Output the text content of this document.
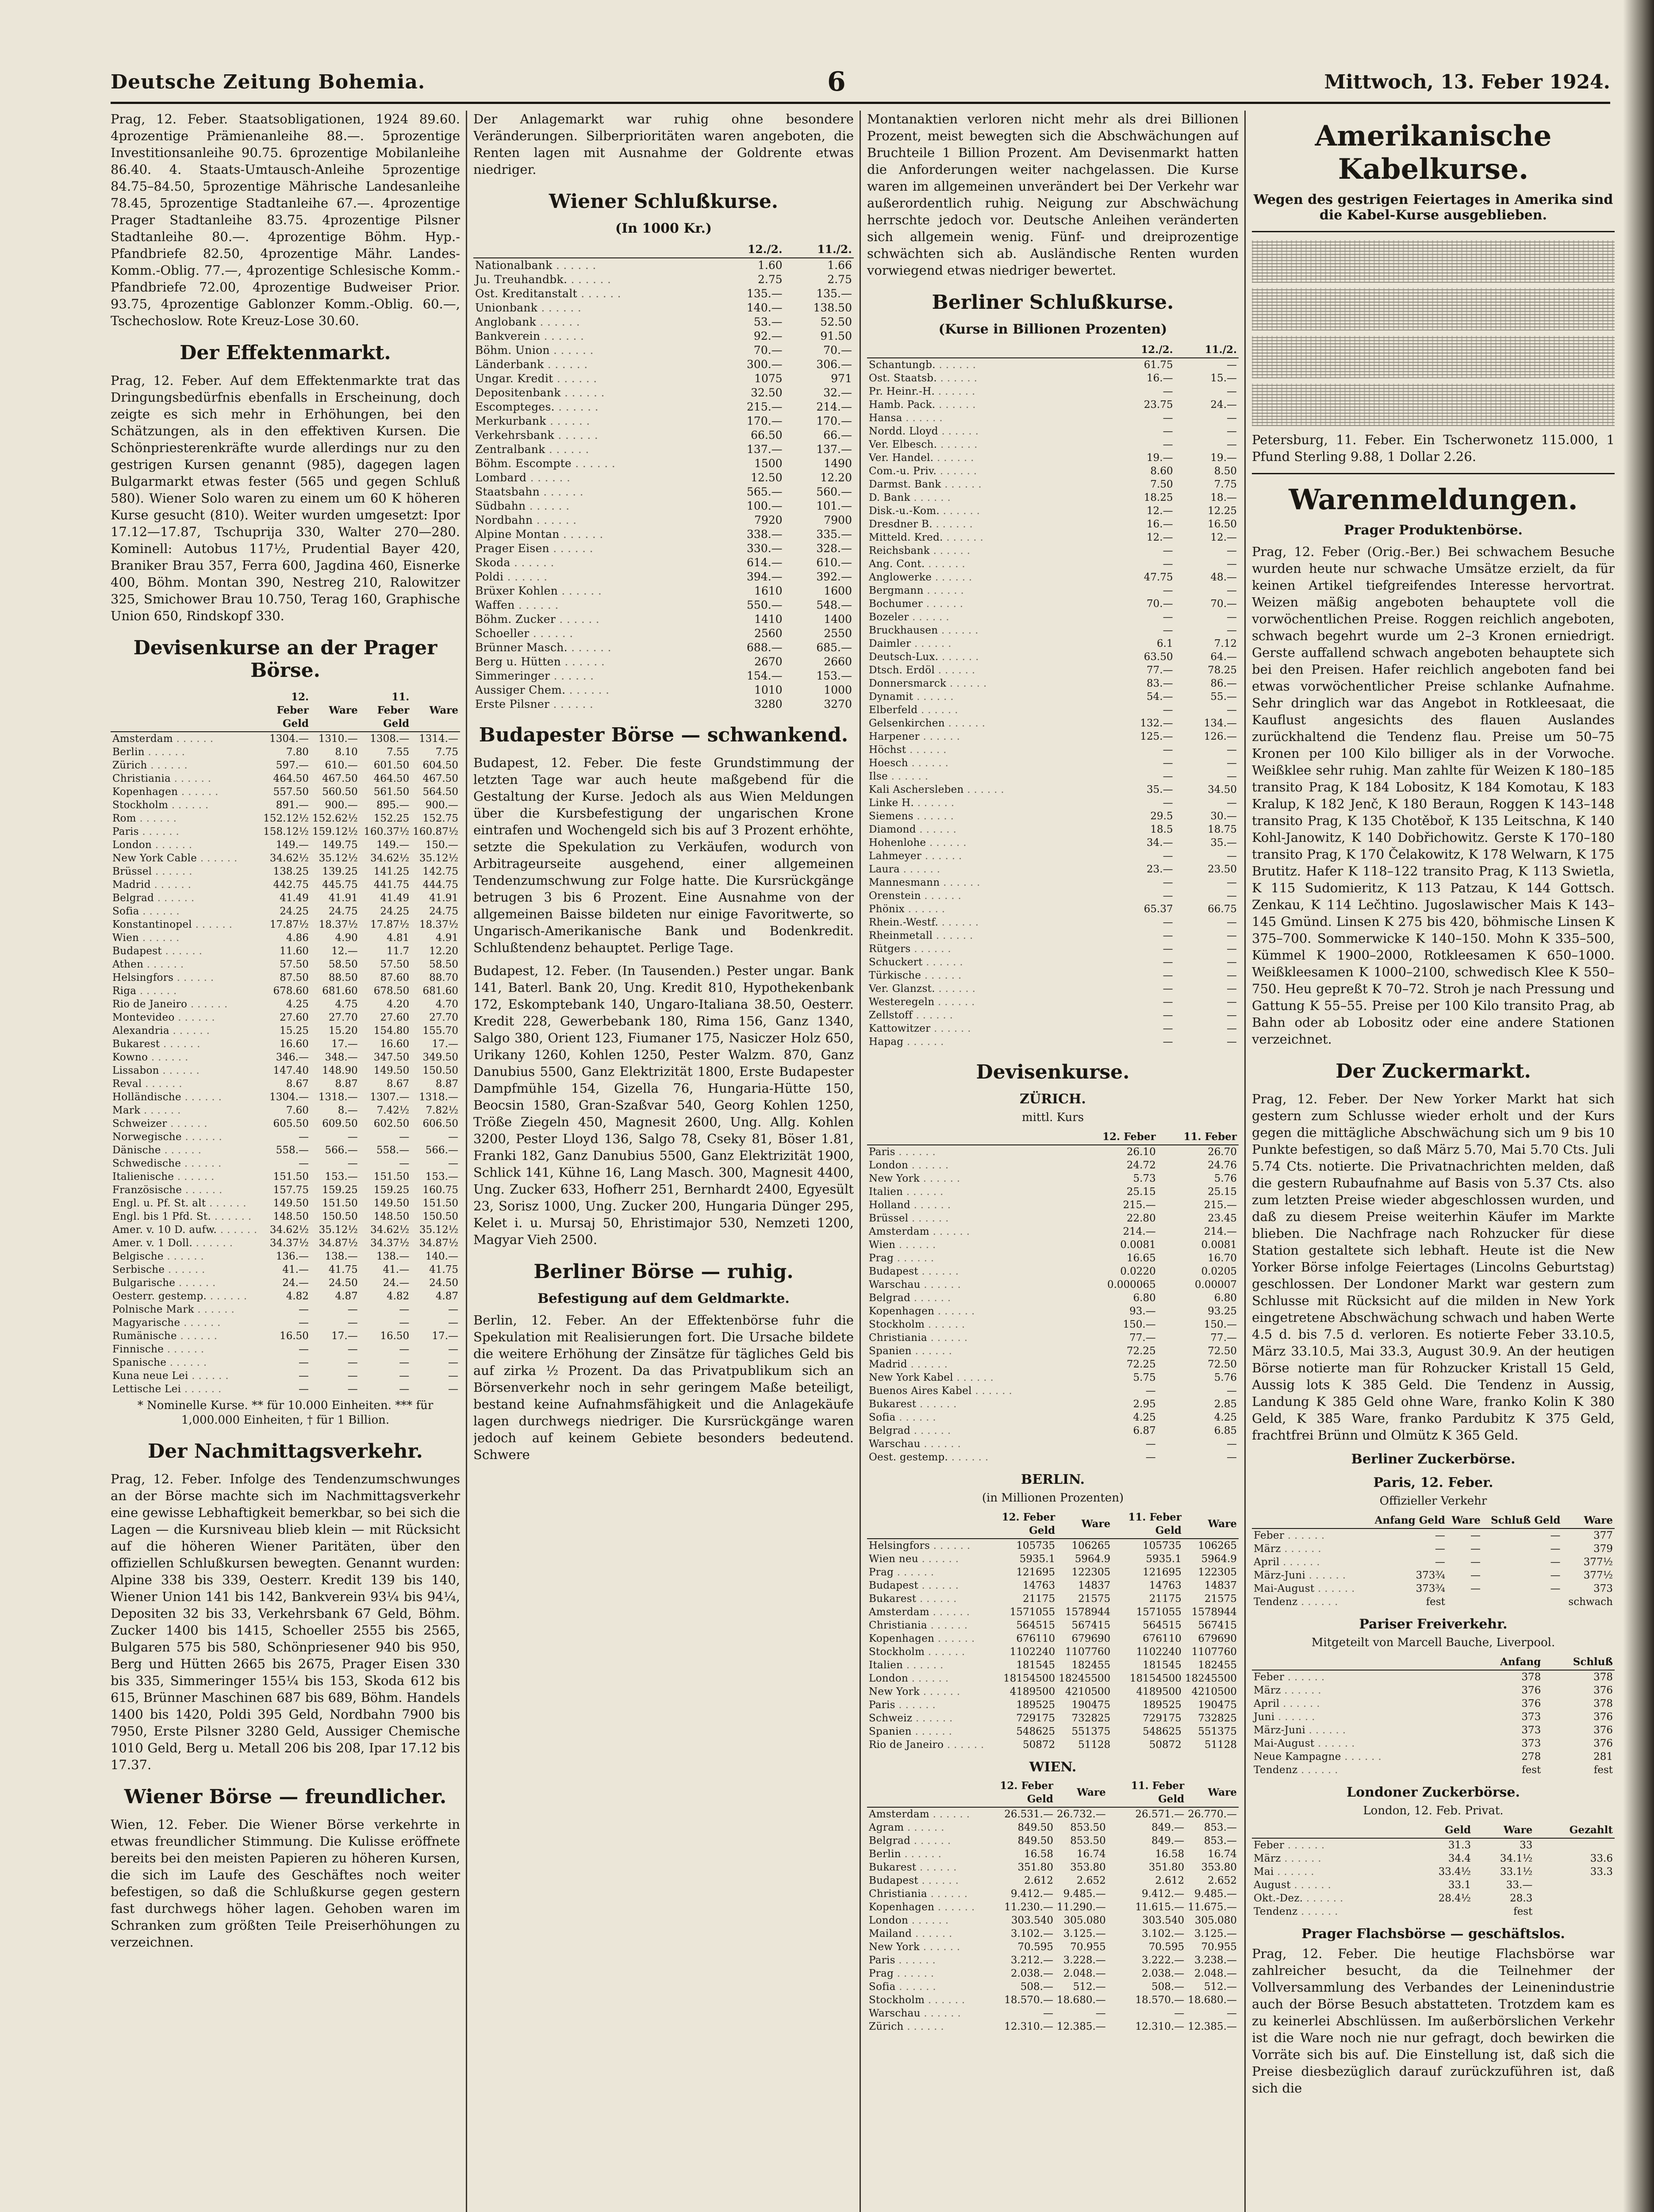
Deutsche Zeitung Bohemia.	6	Mittwoch, 13. Feber 1924.

Prag, 12. Feber. Staatsobligationen, 1924 89.60. 4prozentige Prämienanleihe 88.—. 5prozentige Investitionsanleihe 90.75. 6prozentige Mobilanleihe 86.40. 4. Staats-Umtausch-Anleihe 5prozentige 84.75–84.50, 5prozentige Mährische Landesanleihe 78.45, 5prozentige Stadtanleihe 67.—. 4prozentige Prager Stadtanleihe 83.75. 4prozentige Pilsner Stadtanleihe 80.—. 4prozentige Böhm. Hyp.-Pfandbriefe 82.50, 4prozentige Mähr. Landes-Komm.-Oblig. 77.—, 4prozentige Schlesische Komm.-Pfandbriefe 72.00, 4prozentige Budweiser Prior. 93.75, 4prozentige Gablonzer Komm.-Oblig. 60.—, Tschechoslow. Rote Kreuz-Lose 30.60.

Der Effektenmarkt.

Prag, 12. Feber. Auf dem Effektenmarkte trat das Dringungsbedürfnis ebenfalls in Erscheinung, doch zeigte es sich mehr in Erhöhungen, bei den Schätzungen, als in den effektiven Kursen. Die Schönpriesterenkräfte wurde allerdings nur zu den gestrigen Kursen genannt (985), dagegen lagen Bulgarmarkt etwas fester (565 und gegen Schluß 580). Wiener Solo waren zu einem um 60 K höheren Kurse gesucht (810). Weiter wurden umgesetzt: Ipor 17.12—17.87, Tschuprija 330, Walter 270—280. Kominell: Autobus 117½, Prudential Bayer 420, Braniker Brau 357, Ferra 600, Jagdina 460, Eisnerke 400, Böhm. Montan 390, Nestreg 210, Ralowitzer 325, Smichower Brau 10.750, Terag 160, Graphische Union 650, Rindskopf 330.

Devisenkurse an der Prager Börse.
	12. Feber Geld	Ware	11. Feber Geld	Ware
Amsterdam . . .	1304.—	1310.—	1308.—	1314.—
Berlin . . .	7.80	8.10	7.55	7.75
Zürich . . .	597.—	610.—	601.50	604.50
Christiania . . .	464.50	467.50	464.50	467.50
Kopenhagen . . .	557.50	560.50	561.50	564.50
Stockholm . . .	891.—	900.—	895.—	900.—
Rom . . .	152.12½	152.62½	152.25	152.75
Paris . . .	158.12½	159.12½	160.37½	160.87½
London . . .	149.—	149.75	149.—	150.—
New York Cable . . .	34.62½	35.12½	34.62½	35.12½
Brüssel . . .	138.25	139.25	141.25	142.75
Madrid . . .	442.75	445.75	441.75	444.75
Belgrad . . .	41.49	41.91	41.49	41.91
Sofia . . .	24.25	24.75	24.25	24.75
Konstantinopel . . .	17.87½	18.37½	17.87½	18.37½
Wien . . .	4.86	4.90	4.81	4.91
Budapest . . .	11.60	12.—	11.7	12.20
Athen . . .	57.50	58.50	57.50	58.50
Helsingfors . . .	87.50	88.50	87.60	88.70
Riga . . .	678.60	681.60	678.50	681.60
Rio de Janeiro . . .	4.25	4.75	4.20	4.70
Montevideo . . .	27.60	27.70	27.60	27.70
Alexandria . . .	15.25	15.20	154.80	155.70
Bukarest . . .	16.60	17.—	16.60	17.—
Kowno . . .	346.—	348.—	347.50	349.50
Lissabon . . .	147.40	148.90	149.50	150.50
Reval . . .	8.67	8.87	8.67	8.87
Holländische . . .	1304.—	1318.—	1307.—	1318.—
Mark . . .	7.60	8.—	7.42½	7.82½
Schweizer . . .	605.50	609.50	602.50	606.50
Norwegische . . .	—	—	—	—
Dänische . . .	558.—	566.—	558.—	566.—
Schwedische . . .	—	—	—	—
Italienische . . .	151.50	153.—	151.50	153.—
Französische . . .	157.75	159.25	159.25	160.75
Engl. u. Pf. St. alt . . .	149.50	151.50	149.50	151.50
Engl. bis 1 Pfd. St. . . .	148.50	150.50	148.50	150.50
Amer. v. 10 D. aufw. . . .	34.62½	35.12½	34.62½	35.12½
Amer. v. 1 Doll. . . .	34.37½	34.87½	34.37½	34.87½
Belgische . . .	136.—	138.—	138.—	140.—
Serbische . . .	41.—	41.75	41.—	41.75
Bulgarische . . .	24.—	24.50	24.—	24.50
Oesterr. gestemp. . . .	4.82	4.87	4.82	4.87
Polnische Mark . . .	—	—	—	—
Magyarische . . .	—	—	—	—
Rumänische . . .	16.50	17.—	16.50	17.—
Finnische . . .	—	—	—	—
Spanische . . .	—	—	—	—
Kuna neue Lei . . .	—	—	—	—
Lettische Lei . . .	—	—	—	—

* Nominelle Kurse. ** für 10.000 Einheiten. *** für 1,000.000 Einheiten, † für 1 Billion.

Der Nachmittagsverkehr.

Prag, 12. Feber. Infolge des Tendenzumschwunges an der Börse machte sich im Nachmittagsverkehr eine gewisse Lebhaftigkeit bemerkbar, so bei sich die Lagen — die Kursniveau blieb klein — mit Rücksicht auf die höheren Wiener Paritäten, über den offiziellen Schlußkursen bewegten. Genannt wurden: Alpine 338 bis 339, Oesterr. Kredit 139 bis 140, Wiener Union 141 bis 142, Bankverein 93¼ bis 94¼, Depositen 32 bis 33, Verkehrsbank 67 Geld, Böhm. Zucker 1400 bis 1415, Schoeller 2555 bis 2565, Bulgaren 575 bis 580, Schönpriesener 940 bis 950, Berg und Hütten 2665 bis 2675, Prager Eisen 330 bis 335, Simmeringer 155¼ bis 153, Skoda 612 bis 615, Brünner Maschinen 687 bis 689, Böhm. Handels 1400 bis 1420, Poldi 395 Geld, Nordbahn 7900 bis 7950, Erste Pilsner 3280 Geld, Aussiger Chemische 1010 Geld, Berg u. Metall 206 bis 208, Ipar 17.12 bis 17.37.

Wiener Börse — freundlicher.

Wien, 12. Feber. Die Wiener Börse verkehrte in etwas freundlicher Stimmung. Die Kulisse eröffnete bereits bei den meisten Papieren zu höheren Kursen, die sich im Laufe des Geschäftes noch weiter befestigen, so daß die Schlußkurse gegen gestern fast durchwegs höher lagen. Gehoben waren im Schranken zum größten Teile Preiserhöhungen zu verzeichnen.

Der Anlagemarkt war ruhig ohne besondere Veränderungen. Silberprioritäten waren angeboten, die Renten lagen mit Ausnahme der Goldrente etwas niedriger.

Wiener Schlußkurse.
(In 1000 Kr.)
	12./2.	11./2.
Nationalbank . . .	1.60	1.66
Ju. Treuhandbk. . . .	2.75	2.75
Ost. Kreditanstalt . . .	135.—	135.—
Unionbank . . .	140.—	138.50
Anglobank . . .	53.—	52.50
Bankverein . . .	92.—	91.50
Böhm. Union . . .	70.—	70.—
Länderbank . . .	300.—	306.—
Ungar. Kredit . . .	1075	971
Depositenbank . . .	32.50	32.—
Escompteges. . . .	215.—	214.—
Merkurbank . . .	170.—	170.—
Verkehrsbank . . .	66.50	66.—
Zentralbank . . .	137.—	137.—
Böhm. Escompte . . .	1500	1490
Lombard . . .	12.50	12.20
Staatsbahn . . .	565.—	560.—
Südbahn . . .	100.—	101.—
Nordbahn . . .	7920	7900
Alpine Montan . . .	338.—	335.—
Prager Eisen . . .	330.—	328.—
Skoda . . .	614.—	610.—
Poldi . . .	394.—	392.—
Brüxer Kohlen . . .	1610	1600
Waffen . . .	550.—	548.—
Böhm. Zucker . . .	1410	1400
Schoeller . . .	2560	2550
Brünner Masch. . . .	688.—	685.—
Berg u. Hütten . . .	2670	2660
Simmeringer . . .	154.—	153.—
Aussiger Chem. . . .	1010	1000
Erste Pilsner . . .	3280	3270
Budapester Börse — schwankend.

Budapest, 12. Feber. Die feste Grundstimmung der letzten Tage war auch heute maßgebend für die Gestaltung der Kurse. Jedoch als aus Wien Meldungen über die Kursbefestigung der ungarischen Krone eintrafen und Wochengeld sich bis auf 3 Prozent erhöhte, setzte die Spekulation zu Verkäufen, wodurch von Arbitrageurseite ausgehend, einer allgemeinen Tendenzumschwung zur Folge hatte. Die Kursrückgänge betrugen 3 bis 6 Prozent. Eine Ausnahme von der allgemeinen Baisse bildeten nur einige Favoritwerte, so Ungarisch-Amerikanische Bank und Bodenkredit. Schlußtendenz behauptet. Perlige Tage.

Budapest, 12. Feber. (In Tausenden.) Pester ungar. Bank 141, Baterl. Bank 20, Ung. Kredit 810, Hypothekenbank 172, Eskomptebank 140, Ungaro-Italiana 38.50, Oesterr. Kredit 228, Gewerbebank 180, Rima 156, Ganz 1340, Salgo 380, Orient 123, Fiumaner 175, Nasiczer Holz 650, Urikany 1260, Kohlen 1250, Pester Walzm. 870, Ganz Danubius 5500, Ganz Elektrizität 1800, Erste Budapester Dampfmühle 154, Gizella 76, Hungaria-Hütte 150, Beocsin 1580, Gran-Szaßvar 540, Georg Kohlen 1250, Tröße Ziegeln 450, Magnesit 2600, Ung. Allg. Kohlen 3200, Pester Lloyd 136, Salgo 78, Cseky 81, Böser 1.81, Franki 182, Ganz Danubius 5500, Ganz Elektrizität 1900, Schlick 141, Kühne 16, Lang Masch. 300, Magnesit 4400, Ung. Zucker 633, Hofherr 251, Bernhardt 2400, Egyesült 23, Sorisz 1000, Ung. Zucker 200, Hungaria Dünger 295, Kelet i. u. Mursaj 50, Ehristimajor 530, Nemzeti 1200, Magyar Vieh 2500.

Berliner Börse — ruhig.
Befestigung auf dem Geldmarkte.

Berlin, 12. Feber. An der Effektenbörse fuhr die Spekulation mit Realisierungen fort. Die Ursache bildete die weitere Erhöhung der Zinsätze für tägliches Geld bis auf zirka ½ Prozent. Da das Privatpublikum sich an Börsenverkehr noch in sehr geringem Maße beteiligt, bestand keine Aufnahmsfähigkeit und die Anlagekäufe lagen durchwegs niedriger. Die Kursrückgänge waren jedoch auf keinem Gebiete besonders bedeutend. Schwere

Montanaktien verloren nicht mehr als drei Billionen Prozent, meist bewegten sich die Abschwächungen auf Bruchteile 1 Billion Prozent. Am Devisenmarkt hatten die Anforderungen weiter nachgelassen. Die Kurse waren im allgemeinen unverändert bei Der Verkehr war außerordentlich ruhig. Neigung zur Abschwächung herrschte jedoch vor. Deutsche Anleihen veränderten sich allgemein wenig. Fünf- und dreiprozentige schwächten sich ab. Ausländische Renten wurden vorwiegend etwas niedriger bewertet.

Berliner Schlußkurse.
(Kurse in Billionen Prozenten)
	12./2.	11./2.
Schantungb. . . .	61.75	—
Ost. Staatsb. . . .	16.—	15.—
Pr. Heinr.-H. . . .	—	—
Hamb. Pack. . . .	23.75	24.—
Hansa . . .	—	—
Nordd. Lloyd . . .	—	—
Ver. Elbesch. . . .	—	—
Ver. Handel. . . .	19.—	19.—
Com.-u. Priv. . . .	8.60	8.50
Darmst. Bank . . .	7.50	7.75
D. Bank . . .	18.25	18.—
Disk.-u.-Kom. . . .	12.—	12.25
Dresdner B. . . .	16.—	16.50
Mitteld. Kred. . . .	12.—	12.—
Reichsbank . . .	—	—
Ang. Cont. . . .	—	—
Anglowerke . . .	47.75	48.—
Bergmann . . .	—	—
Bochumer . . .	70.—	70.—
Bozeler . . .	—	—
Bruckhausen . . .	—	—
Daimler . . .	6.1	7.12
Deutsch-Lux. . . .	63.50	64.—
Dtsch. Erdöl . . .	77.—	78.25
Donnersmarck . . .	83.—	86.—
Dynamit . . .	54.—	55.—
Elberfeld . . .	—	—
Gelsenkirchen . . .	132.—	134.—
Harpener . . .	125.—	126.—
Höchst . . .	—	—
Hoesch . . .	—	—
Ilse . . .	—	—
Kali Aschersleben . . .	35.—	34.50
Linke H. . . .	—	—
Siemens . . .	29.5	30.—
Diamond . . .	18.5	18.75
Hohenlohe . . .	34.—	35.—
Lahmeyer . . .	—	—
Laura . . .	23.—	23.50
Mannesmann . . .	—	—
Orenstein . . .	—	—
Phönix . . .	65.37	66.75
Rhein.-Westf. . . .	—	—
Rheinmetall . . .	—	—
Rütgers . . .	—	—
Schuckert . . .	—	—
Türkische . . .	—	—
Ver. Glanzst. . . .	—	—
Westeregeln . . .	—	—
Zellstoff . . .	—	—
Kattowitzer . . .	—	—
Hapag . . .	—	—
Devisenkurse.
ZÜRICH.
mittl. Kurs
	12. Feber	11. Feber
Paris . . .	26.10	26.70
London . . .	24.72	24.76
New York . . .	5.73	5.76
Italien . . .	25.15	25.15
Holland . . .	215.—	215.—
Brüssel . . .	22.80	23.45
Amsterdam . . .	214.—	214.—
Wien . . .	0.0081	0.0081
Prag . . .	16.65	16.70
Budapest . . .	0.0220	0.0205
Warschau . . .	0.000065	0.00007
Belgrad . . .	6.80	6.80
Kopenhagen . . .	93.—	93.25
Stockholm . . .	150.—	150.—
Christiania . . .	77.—	77.—
Spanien . . .	72.25	72.50
Madrid . . .	72.25	72.50
New York Kabel . . .	5.75	5.76
Buenos Aires Kabel . . .	—	—
Bukarest . . .	2.95	2.85
Sofia . . .	4.25	4.25
Belgrad . . .	6.87	6.85
Warschau . . .	—	—
Oest. gestemp. . . .	—	—
BERLIN.
(in Millionen Prozenten)
	12. Feber Geld	Ware	11. Feber Geld	Ware
Helsingfors . . .	105735	106265	105735	106265
Wien neu . . .	5935.1	5964.9	5935.1	5964.9
Prag . . .	121695	122305	121695	122305
Budapest . . .	14763	14837	14763	14837
Bukarest . . .	21175	21575	21175	21575
Amsterdam . . .	1571055	1578944	1571055	1578944
Christiania . . .	564515	567415	564515	567415
Kopenhagen . . .	676110	679690	676110	679690
Stockholm . . .	1102240	1107760	1102240	1107760
Italien . . .	181545	182455	181545	182455
London . . .	18154500	18245500	18154500	18245500
New York . . .	4189500	4210500	4189500	4210500
Paris . . .	189525	190475	189525	190475
Schweiz . . .	729175	732825	729175	732825
Spanien . . .	548625	551375	548625	551375
Rio de Janeiro . . .	50872	51128	50872	51128
WIEN.
	12. Feber Geld	Ware	11. Feber Geld	Ware
Amsterdam . . .	26.531.—	26.732.—	26.571.—	26.770.—
Agram . . .	849.50	853.50	849.—	853.—
Belgrad . . .	849.50	853.50	849.—	853.—
Berlin . . .	16.58	16.74	16.58	16.74
Bukarest . . .	351.80	353.80	351.80	353.80
Budapest . . .	2.612	2.652	2.612	2.652
Christiania . . .	9.412.—	9.485.—	9.412.—	9.485.—
Kopenhagen . . .	11.230.—	11.290.—	11.615.—	11.675.—
London . . .	303.540	305.080	303.540	305.080
Mailand . . .	3.102.—	3.125.—	3.102.—	3.125.—
New York . . .	70.595	70.955	70.595	70.955
Paris . . .	3.212.—	3.228.—	3.222.—	3.238.—
Prag . . .	2.038.—	2.048.—	2.038.—	2.048.—
Sofia . . .	508.—	512.—	508.—	512.—
Stockholm . . .	18.570.—	18.680.—	18.570.—	18.680.—
Warschau . . .	—	—	—	—
Zürich . . .	12.310.—	12.385.—	12.310.—	12.385.—
Amerikanische Kabelkurse.
Wegen des gestrigen Feiertages in Amerika sind die Kabel-Kurse ausgeblieben.

Petersburg, 11. Feber. Ein Tscherwonetz 115.000, 1 Pfund Sterling 9.88, 1 Dollar 2.26.

Warenmeldungen.
Prager Produktenbörse.

Prag, 12. Feber (Orig.-Ber.) Bei schwachem Besuche wurden heute nur schwache Umsätze erzielt, da für keinen Artikel tiefgreifendes Interesse hervortrat. Weizen mäßig angeboten behauptete voll die vorwöchentlichen Preise. Roggen reichlich angeboten, schwach begehrt wurde um 2–3 Kronen erniedrigt. Gerste auffallend schwach angeboten behauptete sich bei den Preisen. Hafer reichlich angeboten fand bei etwas vorwöchentlicher Preise schlanke Aufnahme. Sehr dringlich war das Angebot in Rotkleesaat, die Kauflust angesichts des flauen Auslandes zurückhaltend die Tendenz flau. Preise um 50–75 Kronen per 100 Kilo billiger als in der Vorwoche. Weißklee sehr ruhig. Man zahlte für Weizen K 180–185 transito Prag, K 184 Lobositz, K 184 Komotau, K 183 Kralup, K 182 Jenč, K 180 Beraun, Roggen K 143–148 transito Prag, K 135 Chotěboř, K 135 Leitschna, K 140 Kohl-Janowitz, K 140 Dobřichowitz. Gerste K 170–180 transito Prag, K 170 Čelakowitz, K 178 Welwarn, K 175 Brutitz. Hafer K 118–122 transito Prag, K 113 Swietla, K 115 Sudomieritz, K 113 Patzau, K 144 Gottsch. Zenkau, K 114 Lečhtino. Jugoslawischer Mais K 143–145 Gmünd. Linsen K 275 bis 420, böhmische Linsen K 375–700. Sommerwicke K 140–150. Mohn K 335–500, Kümmel K 1900–2000, Rotkleesamen K 650–1000. Weißkleesamen K 1000–2100, schwedisch Klee K 550–750. Heu gepreßt K 70–72. Stroh je nach Pressung und Gattung K 55–55. Preise per 100 Kilo transito Prag, ab Bahn oder ab Lobositz oder eine andere Stationen verzeichnet.

Der Zuckermarkt.

Prag, 12. Feber. Der New Yorker Markt hat sich gestern zum Schlusse wieder erholt und der Kurs gegen die mittägliche Abschwächung sich um 9 bis 10 Punkte befestigen, so daß März 5.70, Mai 5.70 Cts. Juli 5.74 Cts. notierte. Die Privatnachrichten melden, daß die gestern Rubaufnahme auf Basis von 5.37 Cts. also zum letzten Preise wieder abgeschlossen wurden, und daß zu diesem Preise weiterhin Käufer im Markte blieben. Die Nachfrage nach Rohzucker für diese Station gestaltete sich lebhaft. Heute ist die New Yorker Börse infolge Feiertages (Lincolns Geburtstag) geschlossen. Der Londoner Markt war gestern zum Schlusse mit Rücksicht auf die milden in New York eingetretene Abschwächung schwach und haben Werte 4.5 d. bis 7.5 d. verloren. Es notierte Feber 33.10.5, März 33.10.5, Mai 33.3, August 30.9. An der heutigen Börse notierte man für Rohzucker Kristall 15 Geld, Aussig lots K 385 Geld. Die Tendenz in Aussig, Landung K 385 Geld ohne Ware, franko Kolin K 380 Geld, K 385 Ware, franko Pardubitz K 375 Geld, frachtfrei Brünn und Olmütz K 365 Geld.

Berliner Zuckerbörse.
Paris, 12. Feber.
Offizieller Verkehr
	Anfang Geld	Ware	Schluß Geld	Ware
Feber . . .	—	—	—	377
März . . .	—	—	—	379
April . . .	—	—	—	377½
März-Juni . . .	373¾	—	—	377½
Mai-August . . .	373¾	—	—	373
Tendenz . . .	fest			schwach
Pariser Freiverkehr.
Mitgeteilt von Marcell Bauche, Liverpool.
	Anfang	Schluß
Feber . . .	378	378
März . . .	376	376
April . . .	376	378
Juni . . .	373	376
März-Juni . . .	373	376
Mai-August . . .	373	376
Neue Kampagne . . .	278	281
Tendenz . . .	fest	fest
Londoner Zuckerbörse.
London, 12. Feb. Privat.
	Geld	Ware	Gezahlt
Feber . . .	31.3	33	
März . . .	34.4	34.1½	33.6
Mai . . .	33.4½	33.1½	33.3
August . . .	33.1	33.—	
Okt.-Dez. . . .	28.4½	28.3	
Tendenz . . .		fest	
Prager Flachsbörse — geschäftslos.

Prag, 12. Feber. Die heutige Flachsbörse war zahlreicher besucht, da die Teilnehmer der Vollversammlung des Verbandes der Leinenindustrie auch der Börse Besuch abstatteten. Trotzdem kam es zu keinerlei Abschlüssen. Im außerbörslichen Verkehr ist die Ware noch nie nur gefragt, doch bewirken die Vorräte sich bis auf. Die Einstellung ist, daß sich die Preise diesbezüglich darauf zurückzuführen ist, daß sich die
